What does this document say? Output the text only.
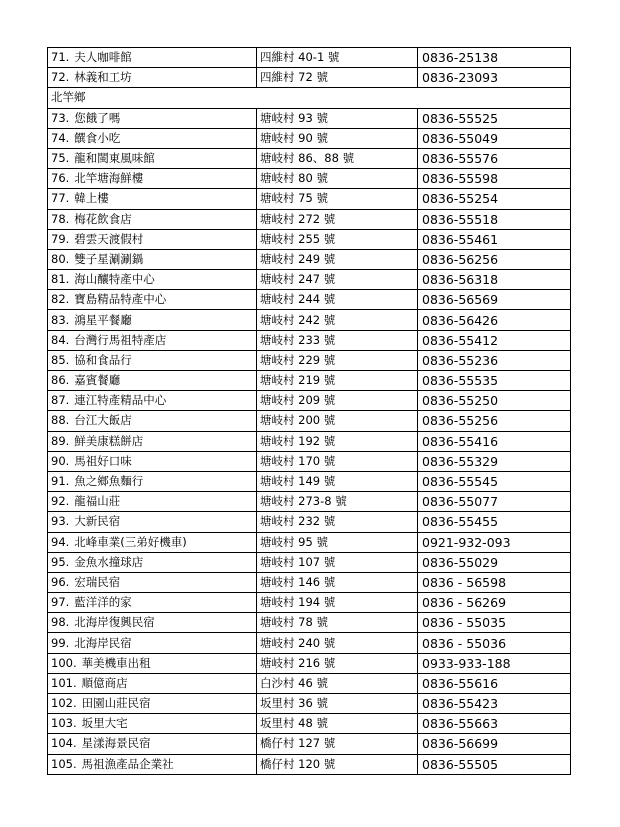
71. 夫人咖啡館	四維村 40-1 號	0836-25138
72. 林義和工坊	四維村 72 號	0836-23093
北竿鄉		
73. 您餓了嗎	塘岐村 93 號	0836-55525
74. 饌食小吃	塘岐村 90 號	0836-55049
75. 龍和閩東風味館	塘岐村 86、88 號	0836-55576
76. 北竿塘海鮮樓	塘岐村 80 號	0836-55598
77. 韓上樓	塘岐村 75 號	0836-55254
78. 梅花飲食店	塘岐村 272 號	0836-55518
79. 碧雲天渡假村	塘岐村 255 號	0836-55461
80. 雙子星涮涮鍋	塘岐村 249 號	0836-56256
81. 海山釀特產中心	塘岐村 247 號	0836-56318
82. 寶島精品特產中心	塘岐村 244 號	0836-56569
83. 鴻星平餐廳	塘岐村 242 號	0836-56426
84. 台灣行馬祖特產店	塘岐村 233 號	0836-55412
85. 協和食品行	塘岐村 229 號	0836-55236
86. 嘉賓餐廳	塘岐村 219 號	0836-55535
87. 連江特產精品中心	塘岐村 209 號	0836-55250
88. 台江大飯店	塘岐村 200 號	0836-55256
89. 鮮美康糕餅店	塘岐村 192 號	0836-55416
90. 馬祖好口味	塘岐村 170 號	0836-55329
91. 魚之鄉魚麵行	塘岐村 149 號	0836-55545
92. 龍福山莊	塘岐村 273-8 號	0836-55077
93. 大新民宿	塘岐村 232 號	0836-55455
94. 北峰車業(三弟好機車)	塘岐村 95 號	0921-932-093
95. 金魚水撞球店	塘岐村 107 號	0836-55029
96. 宏瑞民宿	塘岐村 146 號	0836 - 56598
97. 藍洋洋的家	塘岐村 194 號	0836 - 56269
98. 北海岸復興民宿	塘岐村 78 號	0836 - 55035
99. 北海岸民宿	塘岐村 240 號	0836 - 55036
100. 華美機車出租	塘岐村 216 號	0933-933-188
101. 順億商店	白沙村 46 號	0836-55616
102. 田園山莊民宿	坂里村 36 號	0836-55423
103. 坂里大宅	坂里村 48 號	0836-55663
104. 星漾海景民宿	橋仔村 127 號	0836-56699
105. 馬祖漁產品企業社	橋仔村 120 號	0836-55505
